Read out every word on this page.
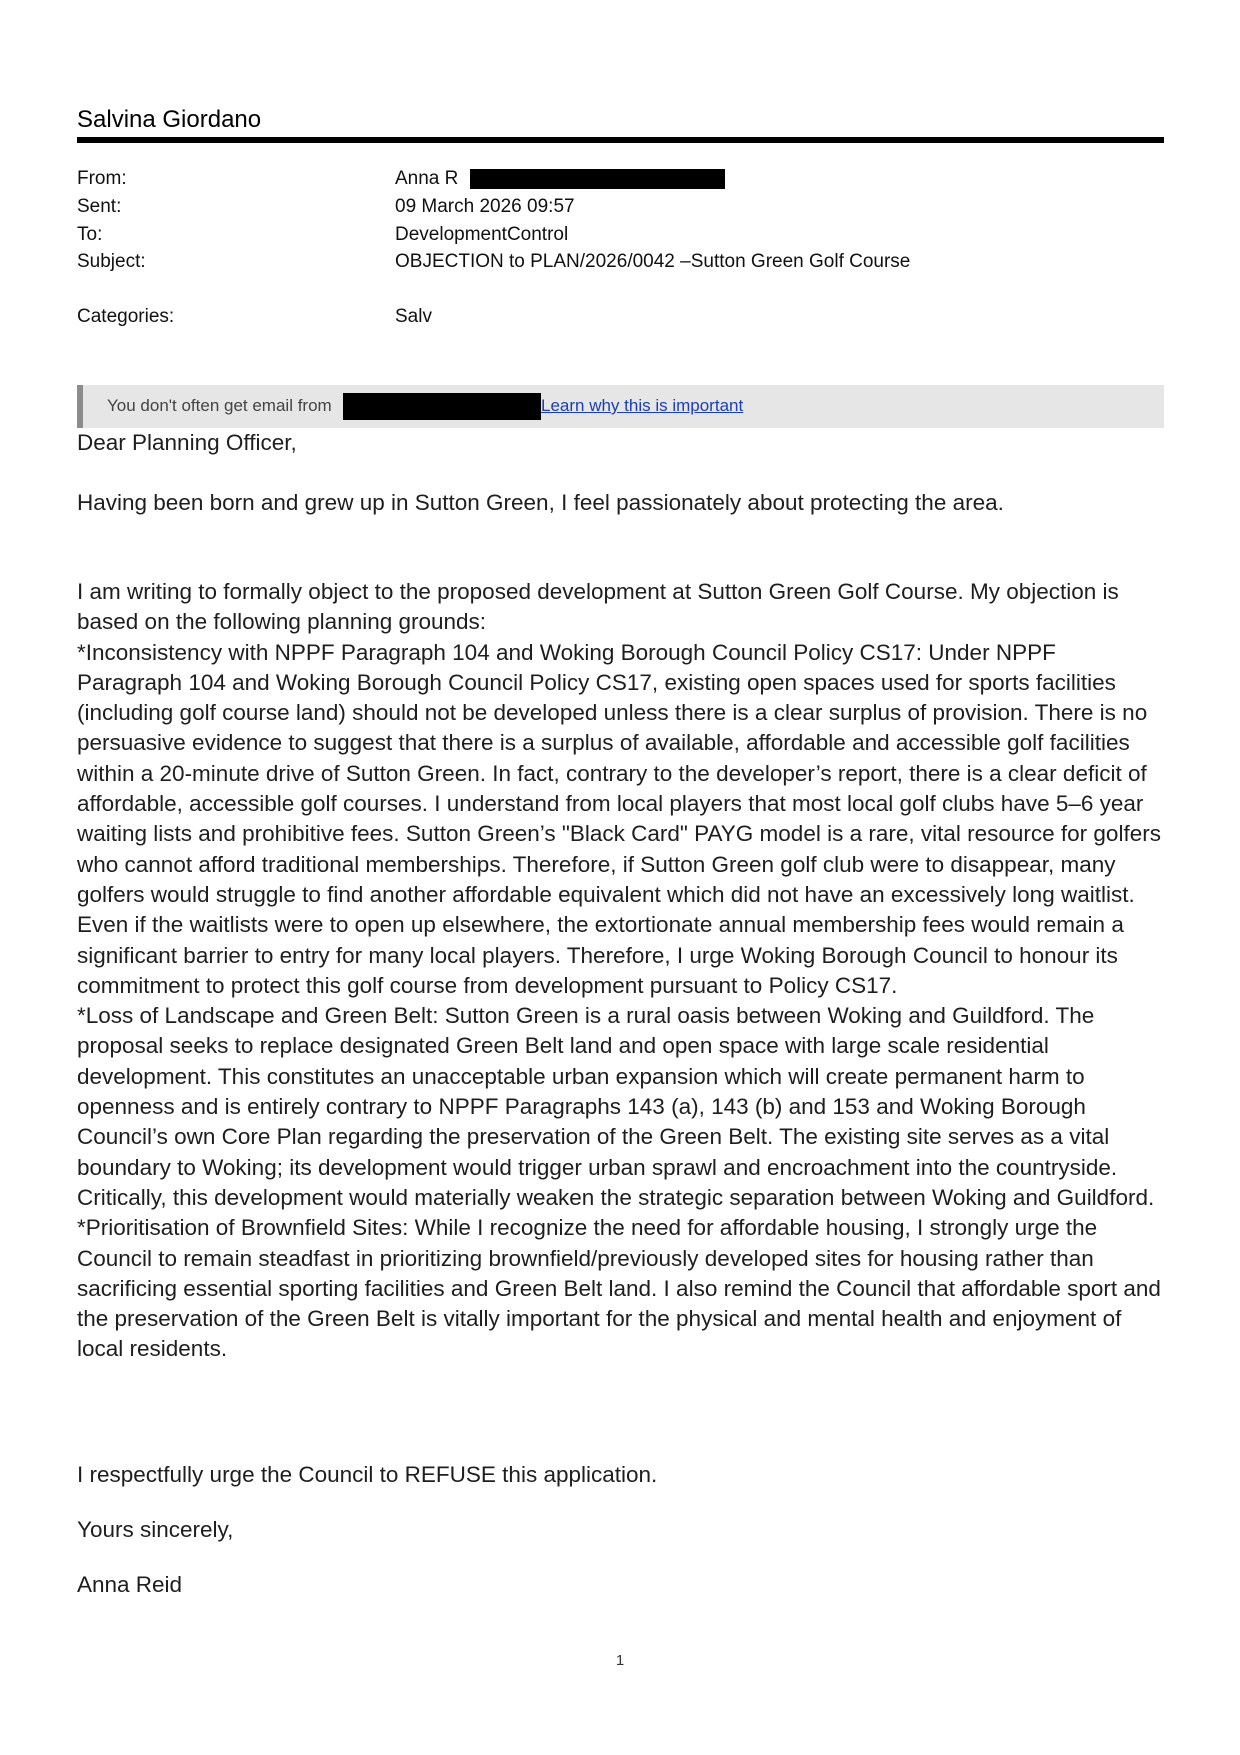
Salvina Giordano
From:	Anna R
Sent:	09 March 2026 09:57
To:	DevelopmentControl
Subject:	OBJECTION to PLAN/2026/0042 –Sutton Green Golf Course
Categories:	Salv
You don't often get email from	Learn why this is important
Dear Planning Officer,
Having been born and grew up in Sutton Green, I feel passionately about protecting the area.

I am writing to formally object to the proposed development at Sutton Green Golf Course. My objection is based on the following planning grounds:

*Inconsistency with NPPF Paragraph 104 and Woking Borough Council Policy CS17: Under NPPF Paragraph 104 and Woking Borough Council Policy CS17, existing open spaces used for sports facilities (including golf course land) should not be developed unless there is a clear surplus of provision. There is no persuasive evidence to suggest that there is a surplus of available, affordable and accessible golf facilities within a 20-minute drive of Sutton Green. In fact, contrary to the developer’s report, there is a clear deficit of affordable, accessible golf courses. I understand from local players that most local golf clubs have 5–6 year waiting lists and prohibitive fees. Sutton Green’s "Black Card" PAYG model is a rare, vital resource for golfers who cannot afford traditional memberships. Therefore, if Sutton Green golf club were to disappear, many golfers would struggle to find another affordable equivalent which did not have an excessively long waitlist. Even if the waitlists were to open up elsewhere, the extortionate annual membership fees would remain a significant barrier to entry for many local players. Therefore, I urge Woking Borough Council to honour its commitment to protect this golf course from development pursuant to Policy CS17.

*Loss of Landscape and Green Belt: Sutton Green is a rural oasis between Woking and Guildford. The proposal seeks to replace designated Green Belt land and open space with large scale residential development. This constitutes an unacceptable urban expansion which will create permanent harm to openness and is entirely contrary to NPPF Paragraphs 143 (a), 143 (b) and 153 and Woking Borough Council’s own Core Plan regarding the preservation of the Green Belt. The existing site serves as a vital boundary to Woking; its development would trigger urban sprawl and encroachment into the countryside. Critically, this development would materially weaken the strategic separation between Woking and Guildford.

*Prioritisation of Brownfield Sites: While I recognize the need for affordable housing, I strongly urge the Council to remain steadfast in prioritizing brownfield/previously developed sites for housing rather than sacrificing essential sporting facilities and Green Belt land. I also remind the Council that affordable sport and the preservation of the Green Belt is vitally important for the physical and mental health and enjoyment of local residents.

I respectfully urge the Council to REFUSE this application.
Yours sincerely,
Anna Reid
1
